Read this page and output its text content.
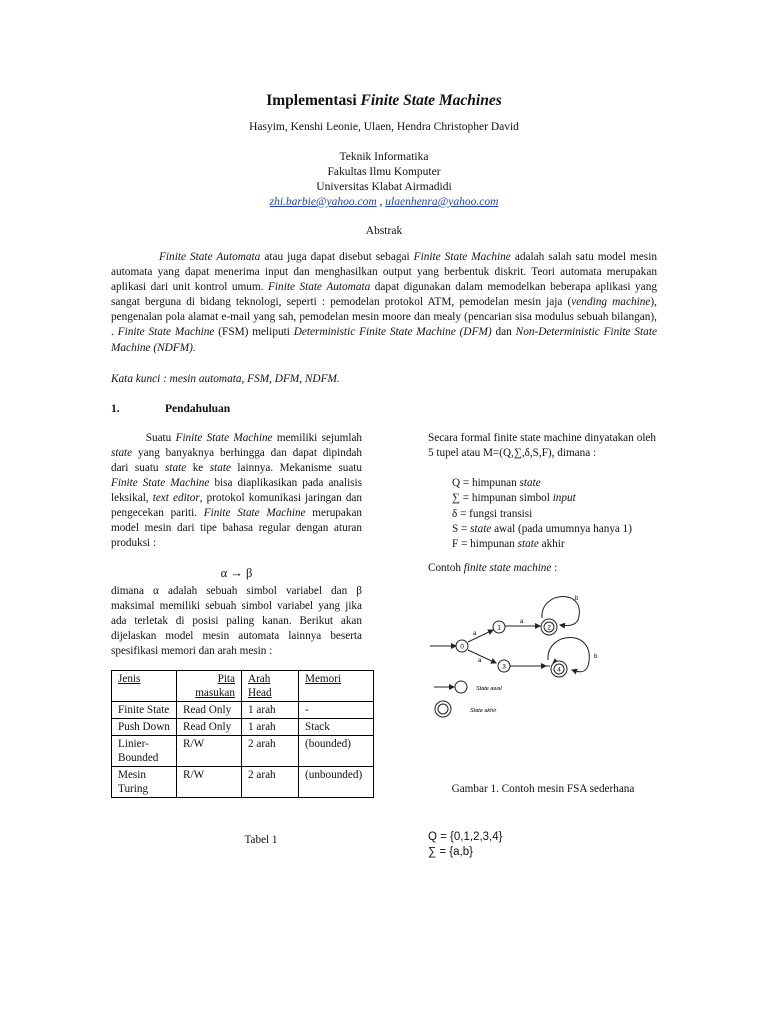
Implementasi Finite State Machines
Hasyim, Kenshi Leonie, Ulaen, Hendra Christopher David
Teknik Informatika
Fakultas Ilmu Komputer
Universitas Klabat Airmadidi
zhi.barbie@yahoo.com , ulaenhenra@yahoo.com
Abstrak

Finite State Automata atau juga dapat disebut sebagai Finite State Machine adalah salah satu model mesin automata yang dapat menerima input dan menghasilkan output yang berbentuk diskrit. Teori automata merupakan aplikasi dari unit kontrol umum. Finite State Automata dapat digunakan dalam memodelkan beberapa aplikasi yang sangat berguna di bidang teknologi, seperti : pemodelan protokol ATM, pemodelan mesin jaja (vending machine), pengenalan pola alamat e-mail yang sah, pemodelan mesin moore dan mealy (pencarian sisa modulus sebuah bilangan), . Finite State Machine (FSM) meliputi Deterministic Finite State Machine (DFM) dan Non-Deterministic Finite State Machine (NDFM).

Kata kunci : mesin automata, FSM, DFM, NDFM.
1.	Pendahuluan

Suatu Finite State Machine memiliki sejumlah state yang banyaknya berhingga dan dapat dipindah dari suatu state ke state lainnya. Mekanisme suatu Finite State Machine bisa diaplikasikan pada analisis leksikal, text editor, protokol komunikasi jaringan dan pengecekan pariti. Finite State Machine merupakan model mesin dari tipe bahasa regular dengan aturan produksi :

α → β

dimana α adalah sebuah simbol variabel dan β maksimal memiliki sebuah simbol variabel yang jika ada terletak di posisi paling kanan. Berikut akan dijelaskan model mesin automata lainnya beserta spesifikasi memori dan arah mesin :

Jenis	Pita masukan	Arah Head	Memori
Finite State	Read Only	1 arah	-
Push Down	Read Only	1 arah	Stack
Linier-Bounded	R/W	2 arah	(bounded)
Mesin Turing	R/W	2 arah	(unbounded)
Tabel 1

Secara formal finite state machine dinyatakan oleh 5 tupel atau M=(Q,∑,δ,S,F), dimana :

Q = himpunan state
∑ = himpunan simbol input
δ = fungsi transisi
S = state awal (pada umumnya hanya 1)
F = himpunan state akhir
Contoh finite state machine :
0
1	2
3	4
a
a
b
a
b
State awal
State akhir
Gambar 1. Contoh mesin FSA sederhana
Q = {0,1,2,3,4}
∑ = {a,b}
